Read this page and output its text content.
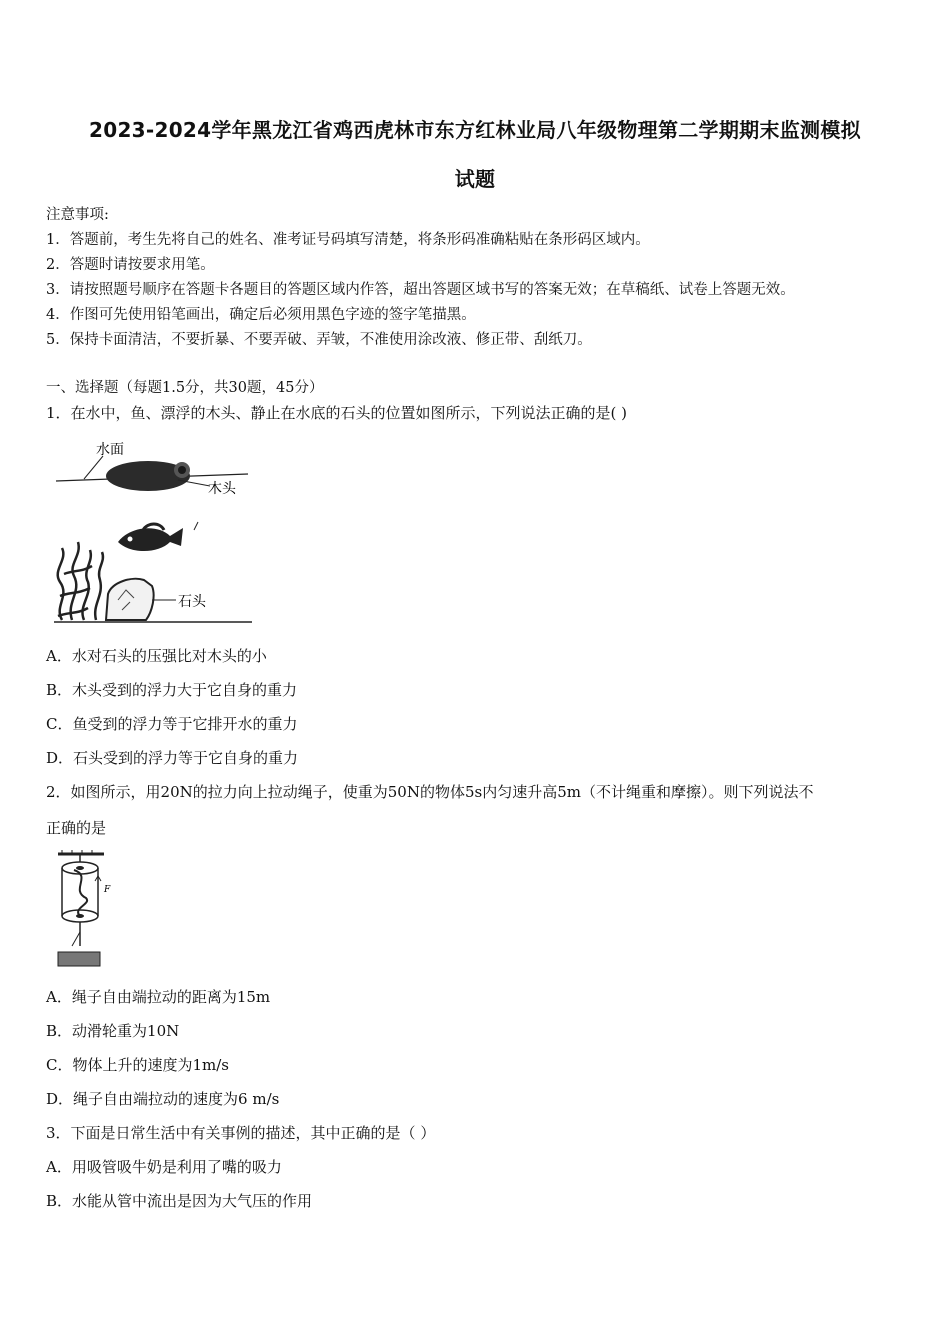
2023-2024学年黑龙江省鸡西虎林市东方红林业局八年级物理第二学期期末监测模拟
试题
注意事项:
1．答题前，考生先将自己的姓名、准考证号码填写清楚，将条形码准确粘贴在条形码区域内。
2．答题时请按要求用笔。
3．请按照题号顺序在答题卡各题目的答题区域内作答，超出答题区域书写的答案无效；在草稿纸、试卷上答题无效。
4．作图可先使用铅笔画出，确定后必须用黑色字迹的签字笔描黑。
5．保持卡面清洁，不要折暴、不要弄破、弄皱，不准使用涂改液、修正带、刮纸刀。
一、选择题（每题1.5分，共30题，45分）
1．在水中，鱼、漂浮的木头、静止在水底的石头的位置如图所示，下列说法正确的是( )
水面
木头
石头
A．水对石头的压强比对木头的小
B．木头受到的浮力大于它自身的重力
C．鱼受到的浮力等于它排开水的重力
D．石头受到的浮力等于它自身的重力
2．如图所示，用20N的拉力向上拉动绳子，使重为50N的物体5s内匀速升高5m（不计绳重和摩擦）。则下列说法不
正确的是
F
A．绳子自由端拉动的距离为15m
B．动滑轮重为10N
C．物体上升的速度为1m/s
D．绳子自由端拉动的速度为6 m/s
3．下面是日常生活中有关事例的描述，其中正确的是（ ）
A．用吸管吸牛奶是利用了嘴的吸力
B．水能从管中流出是因为大气压的作用
